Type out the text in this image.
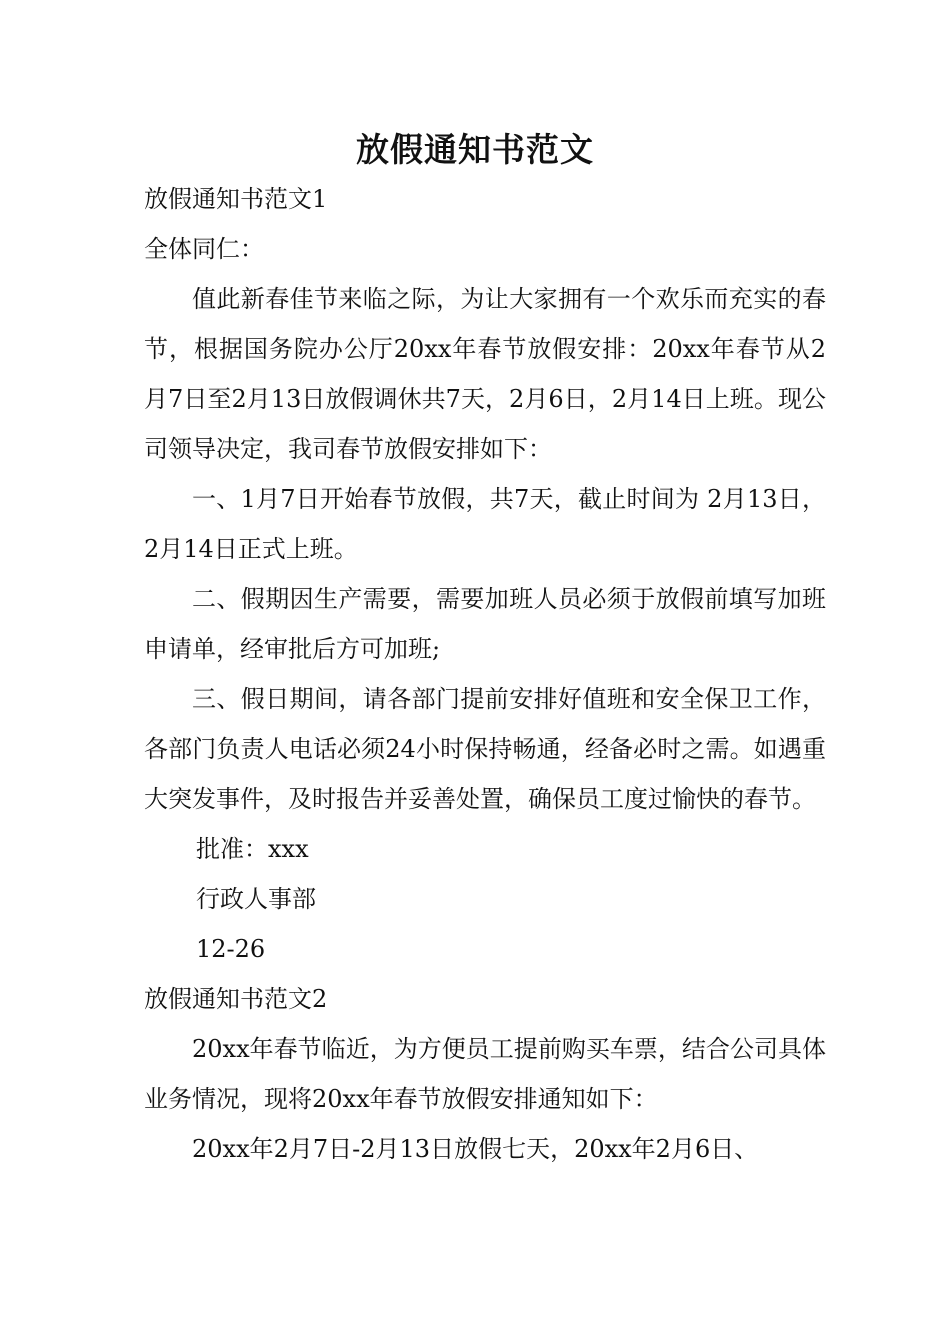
放假通知书范文

放假通知书范文1

全体同仁：

值此新春佳节来临之际，为让大家拥有一个欢乐而充实的春节，根据国务院办公厅20xx年春节放假安排：20xx年春节从2月7日至2月13日放假调休共7天，2月6日，2月14日上班。现公司领导决定，我司春节放假安排如下：

一、1月7日开始春节放假，共7天，截止时间为 2月13日，2月14日正式上班。

二、假期因生产需要，需要加班人员必须于放假前填写加班申请单，经审批后方可加班;

三、假日期间，请各部门提前安排好值班和安全保卫工作，各部门负责人电话必须24小时保持畅通，经备必时之需。如遇重大突发事件，及时报告并妥善处置，确保员工度过愉快的春节。

批准：xxx

行政人事部

12-26

放假通知书范文2

20xx年春节临近，为方便员工提前购买车票，结合公司具体业务情况，现将20xx年春节放假安排通知如下：

20xx年2月7日-2月13日放假七天，20xx年2月6日、
